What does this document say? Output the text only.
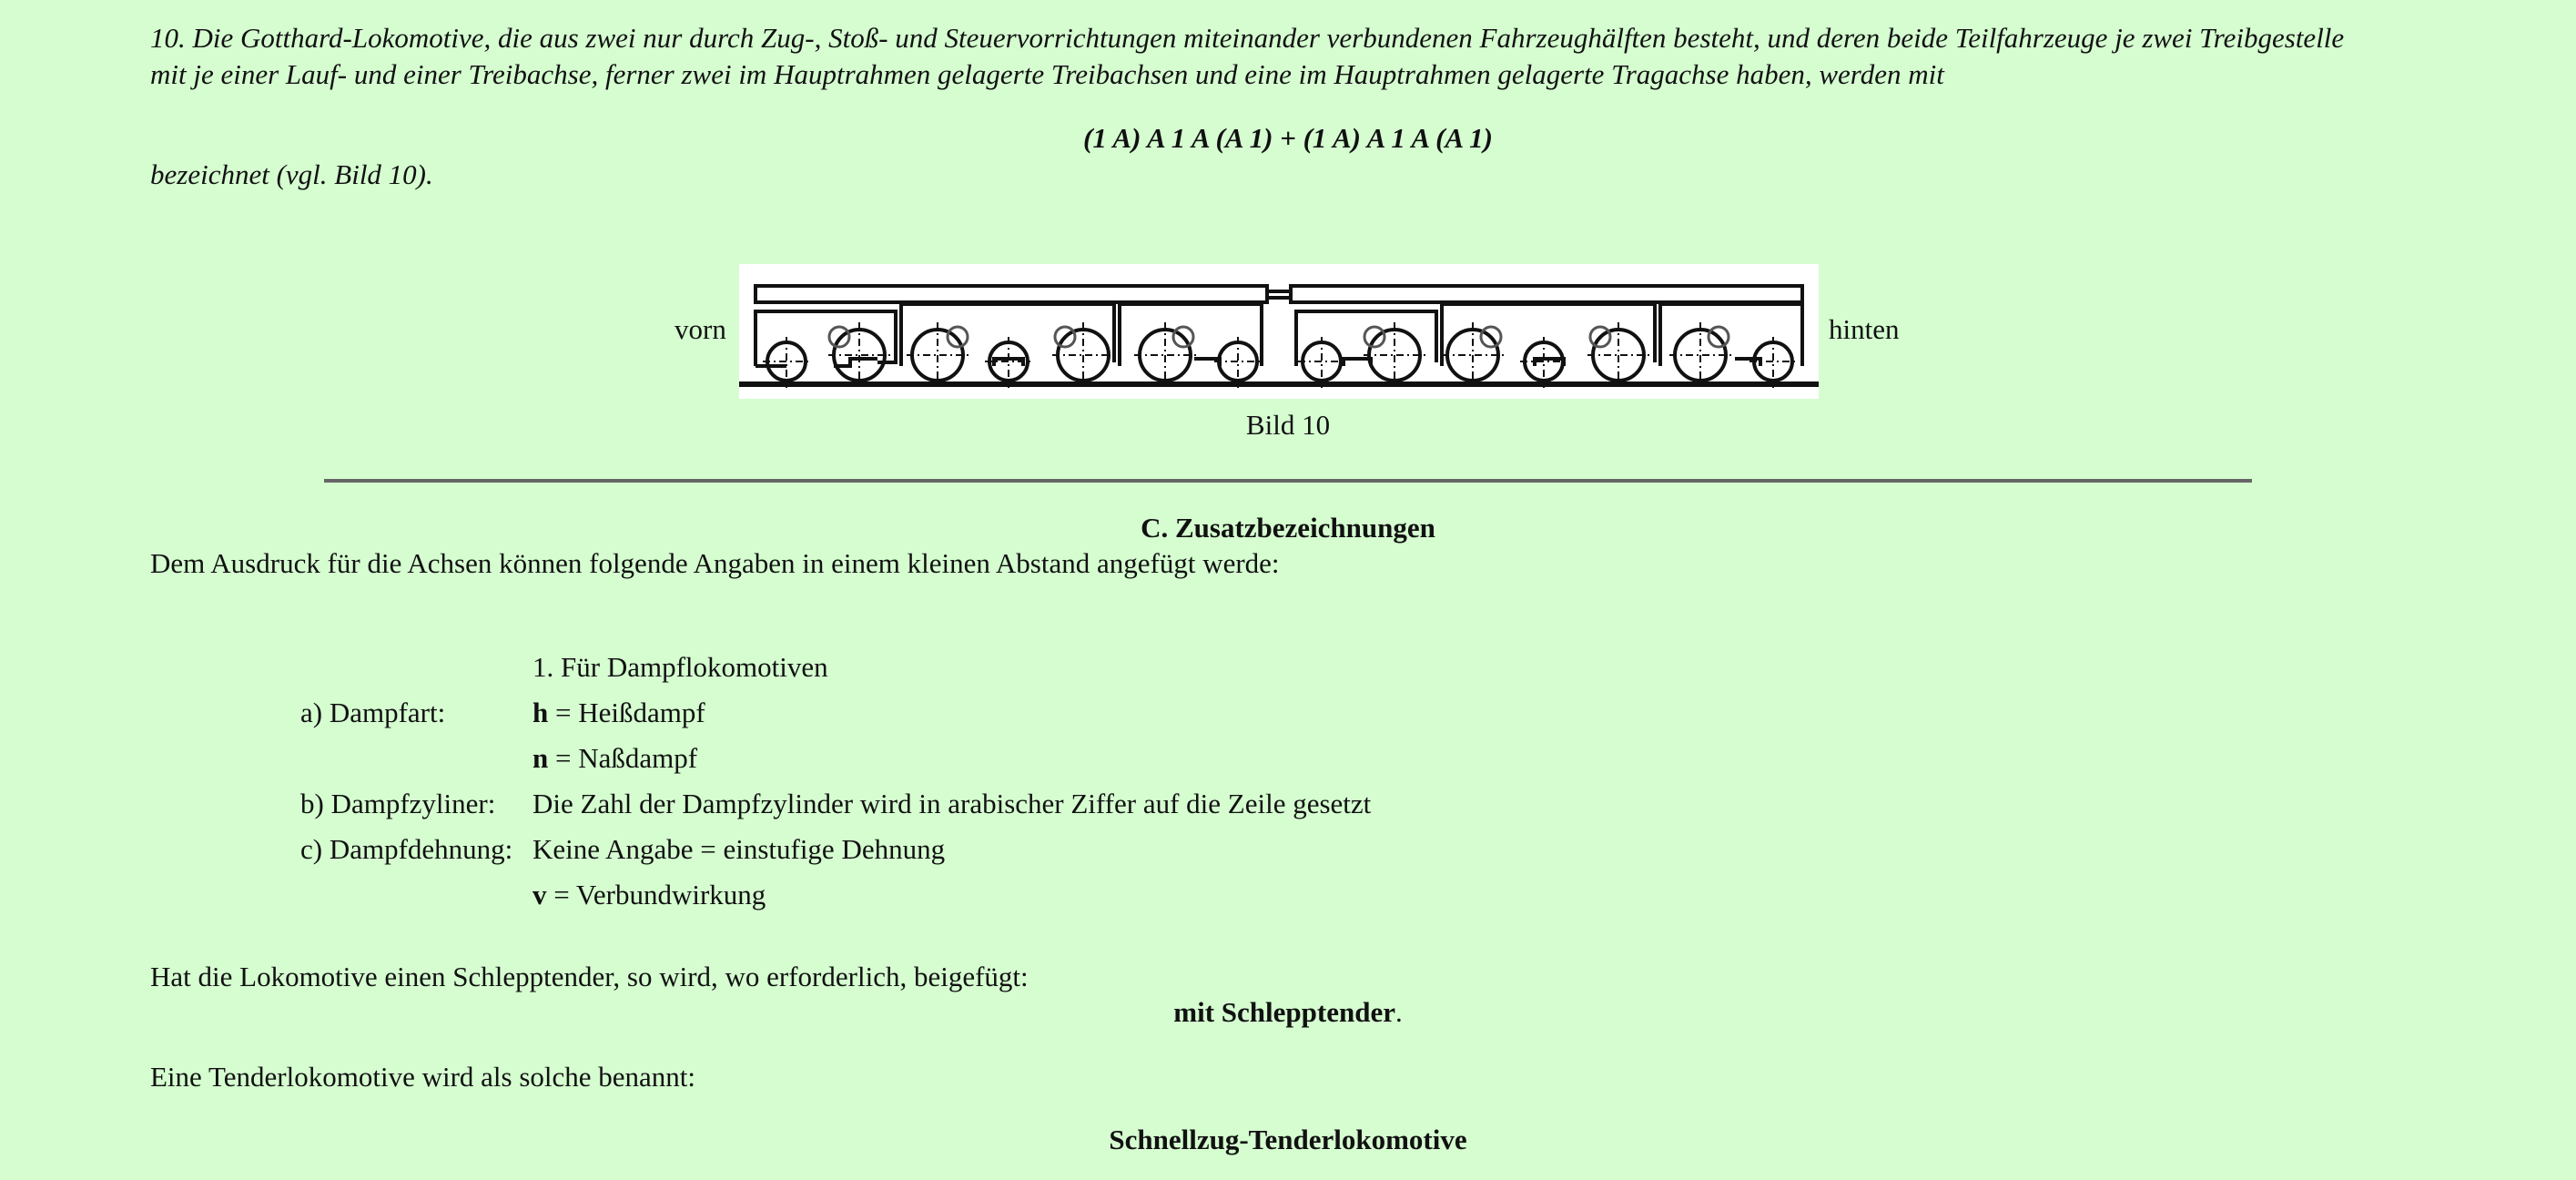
10. Die Gotthard-Lokomotive, die aus zwei nur durch Zug-, Stoß- und Steuervorrichtungen miteinander verbundenen Fahrzeughälften besteht, und deren beide Teilfahrzeuge je zwei Treibgestelle
mit je einer Lauf- und einer Treibachse, ferner zwei im Hauptrahmen gelagerte Treibachsen und eine im Hauptrahmen gelagerte Tragachse haben, werden mit
(1 A) A 1 A (A 1) + (1 A) A 1 A (A 1)
bezeichnet (vgl. Bild 10).
vorn	hinten
Bild 10
C. Zusatzbezeichnungen
Dem Ausdruck für die Achsen können folgende Angaben in einem kleinen Abstand angefügt werde:
	1. Für Dampflokomotiven
a) Dampfart:	h = Heißdampf
	n = Naßdampf
b) Dampfzyliner:	Die Zahl der Dampfzylinder wird in arabischer Ziffer auf die Zeile gesetzt
c) Dampfdehnung:	Keine Angabe = einstufige Dehnung
	v = Verbundwirkung
Hat die Lokomotive einen Schlepptender, so wird, wo erforderlich, beigefügt:
mit Schlepptender.
Eine Tenderlokomotive wird als solche benannt:
Schnellzug-Tenderlokomotive
